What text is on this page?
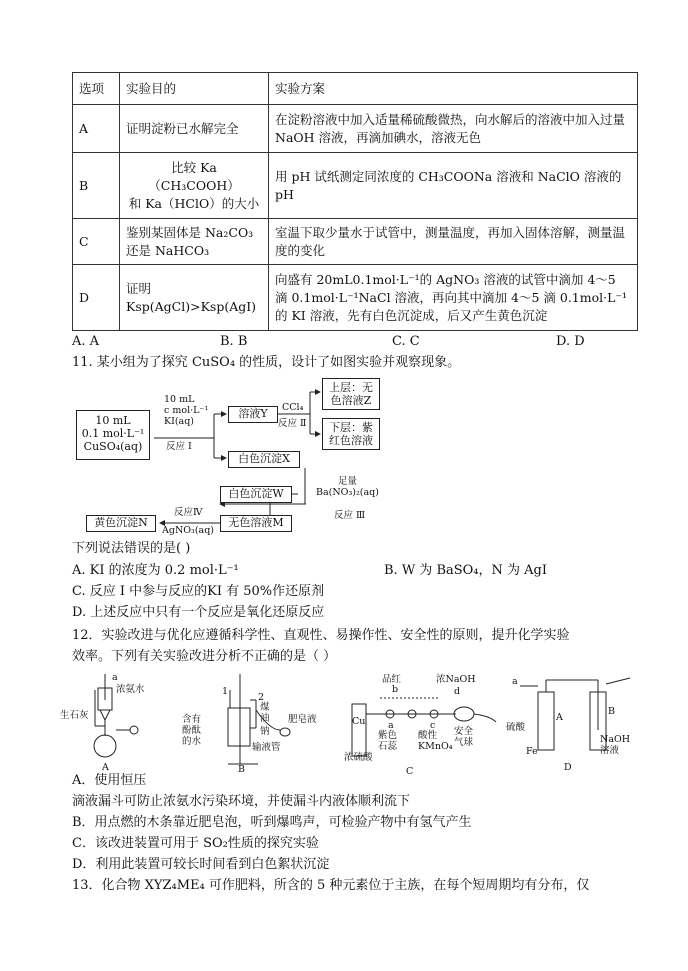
选项	实验目的	实验方案
A	证明淀粉已水解完全	在淀粉溶液中加入适量稀硫酸微热，向水解后的溶液中加入过量 NaOH 溶液，再滴加碘水，溶液无色
B	比较 Ka
（CH₃COOH）
和 Ka（HClO）的大小	用 pH 试纸测定同浓度的 CH₃COONa 溶液和 NaClO 溶液的 pH
C	鉴别某固体是 Na₂CO₃
还是 NaHCO₃	室温下取少量水于试管中，测量温度，再加入固体溶解，测量温度的变化
D	证明
Ksp(AgCl)>Ksp(AgI)	向盛有 20mL0.1mol·L⁻¹的 AgNO₃ 溶液的试管中滴加 4～5 滴 0.1mol·L⁻¹NaCl 溶液，再向其中滴加 4～5 滴 0.1mol·L⁻¹ 的 KI 溶液，先有白色沉淀成，后又产生黄色沉淀
A. A	B. B	C. C	D. D
11. 某小组为了探究 CuSO₄ 的性质，设计了如图实验并观察现象。
10 mL
0.1 mol·L⁻¹
CuSO₄(aq)
10 mL
c mol·L⁻¹
KI(aq)
反应 Ⅰ
溶液Y	CCl₄
反应 Ⅱ
上层：无
色溶液Z
下层：紫
红色溶液
白色沉淀X
足量
Ba(NO₃)₂(aq)
反应 Ⅲ
白色沉淀W
无色溶液M
反应Ⅳ
AgNO₃(aq)
黄色沉淀N
下列说法错误的是( )
A. KI 的浓度为 0.2 mol·L⁻¹	B. W 为 BaSO₄，N 为 AgI
C. 反应 Ⅰ 中参与反应的KI 有 50%作还原剂
D. 上述反应中只有一个反应是氧化还原反应
12．实验改进与优化应遵循科学性、直观性、易操作性、安全性的原则，提升化学实验
效率。下列有关实验改进分析不正确的是（ ）
a
浓氨水
生石灰
A
1
2
含有
酚酞
的水
煤
油
钠
肥皂液
输液管
B
品红
b
浓NaOH
d
Cu a	c
紫色
石蕊
酸性
KMnO₄
安全
气球
浓硫酸
C
a
硫酸
A
B
Fe
NaOH
溶液
D
A．使用恒压
滴液漏斗可防止浓氨水污染环境，并使漏斗内液体顺利流下
B．用点燃的木条靠近肥皂泡，听到爆鸣声，可检验产物中有氢气产生
C．该改进装置可用于 SO₂性质的探究实验
D．利用此装置可较长时间看到白色絮状沉淀
13．化合物 XYZ₄ME₄ 可作肥料，所含的 5 种元素位于主族，在每个短周期均有分布，仅
